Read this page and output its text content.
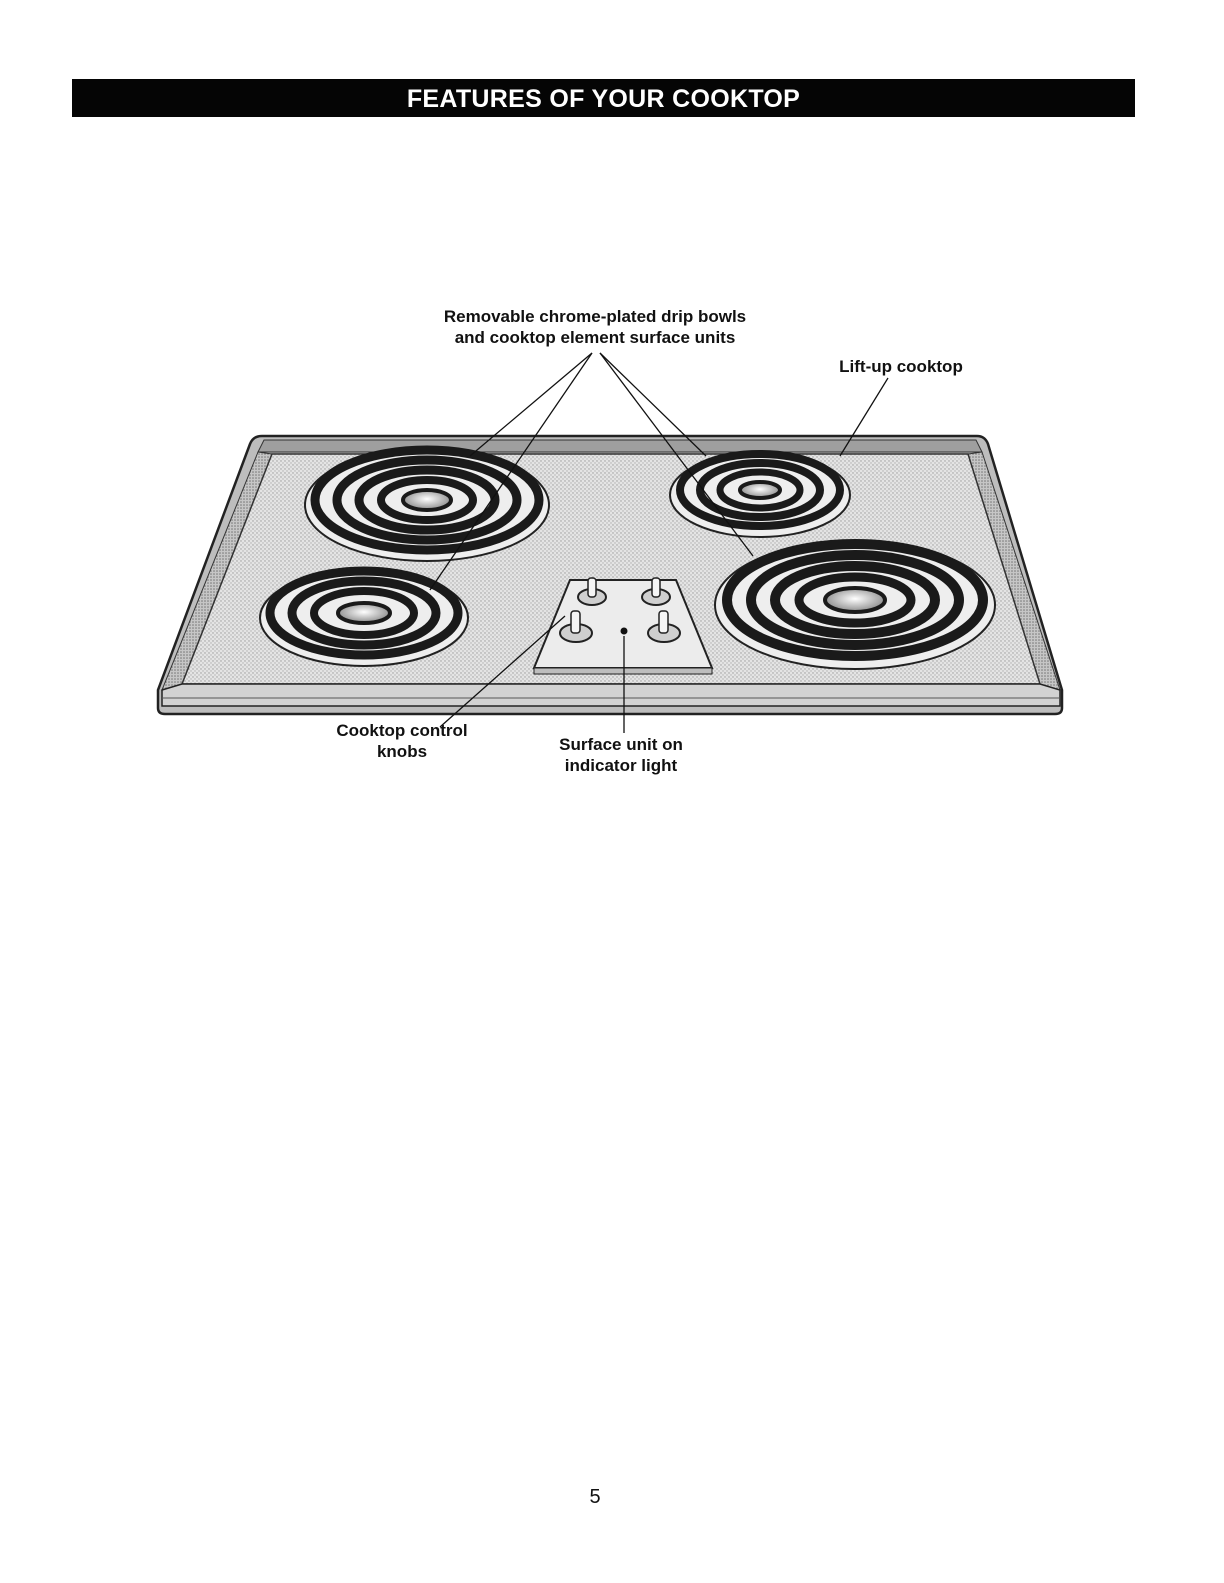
FEATURES OF YOUR COOKTOP
Removable chrome-plated drip bowls
and cooktop element surface units
Lift-up cooktop
Cooktop control
knobs	Surface unit on
indicator light
5
